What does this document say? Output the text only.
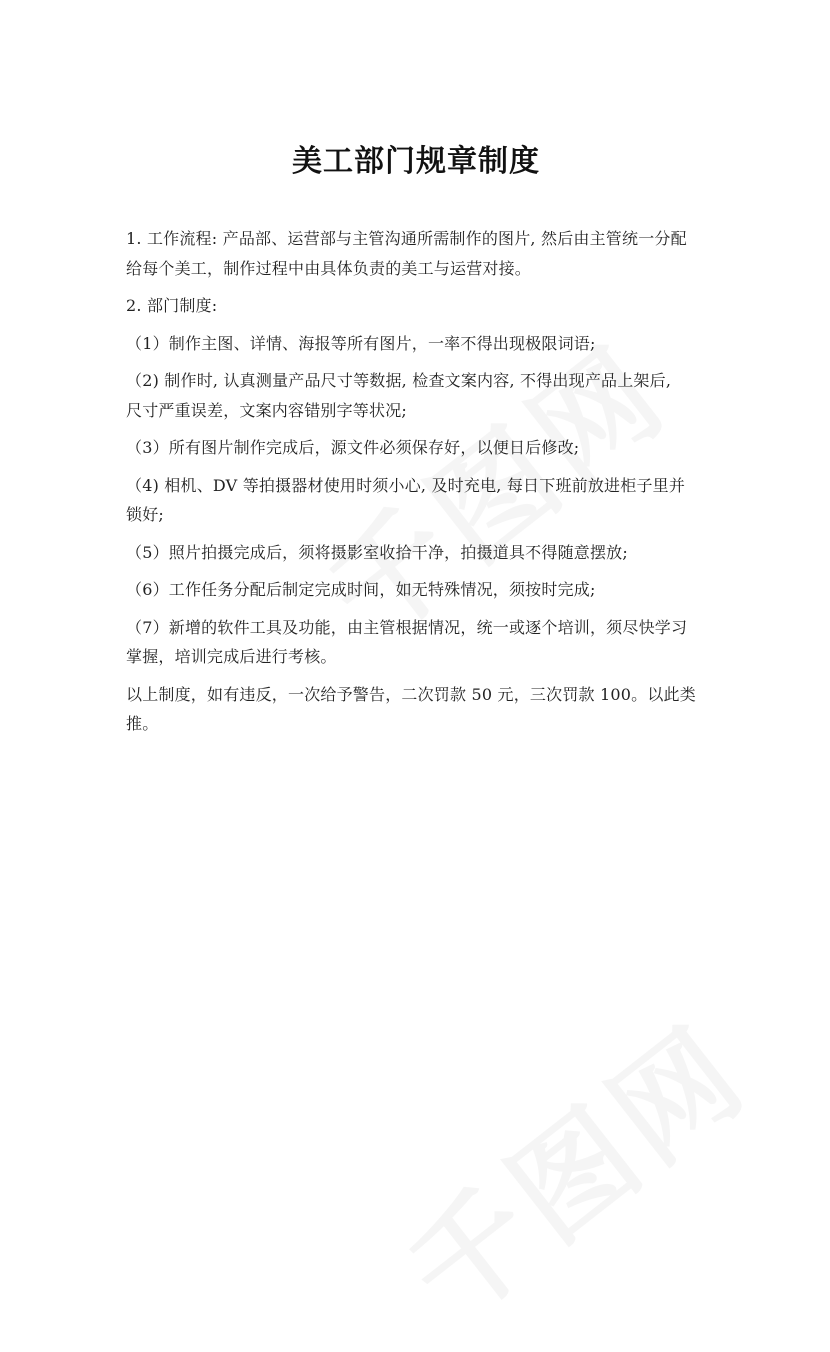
美工部门规章制度

1. 工作流程: 产品部、运营部与主管沟通所需制作的图片, 然后由主管统一分配

给每个美工，制作过程中由具体负责的美工与运营对接。

2. 部门制度:

（1）制作主图、详情、海报等所有图片，一率不得出现极限词语;

（2) 制作时, 认真测量产品尺寸等数据, 检查文案内容, 不得出现产品上架后,

尺寸严重误差，文案内容错别字等状况;

（3）所有图片制作完成后，源文件必须保存好，以便日后修改;

（4) 相机、DV 等拍摄器材使用时须小心, 及时充电, 每日下班前放进柜子里并

锁好;

（5）照片拍摄完成后，须将摄影室收拾干净，拍摄道具不得随意摆放;

（6）工作任务分配后制定完成时间，如无特殊情况，须按时完成;

（7）新增的软件工具及功能，由主管根据情况，统一或逐个培训，须尽快学习

掌握，培训完成后进行考核。

以上制度，如有违反，一次给予警告，二次罚款 50 元，三次罚款 100。以此类

推。
